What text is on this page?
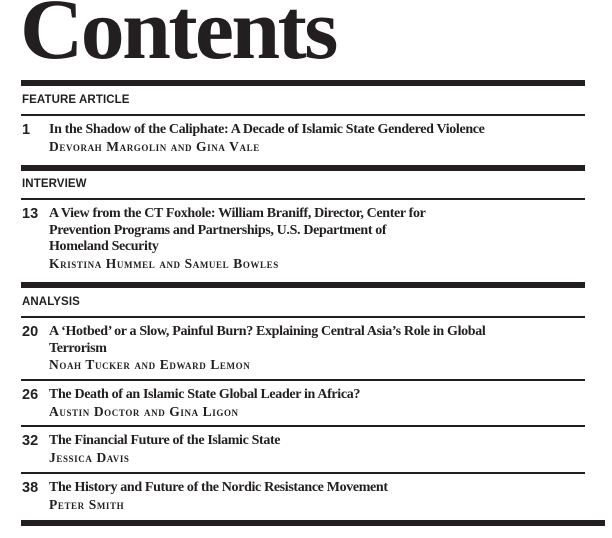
Contents
FEATURE ARTICLE
1 In the Shadow of the Caliphate: A Decade of Islamic State Gendered Violence
Devorah Margolin and Gina Vale
INTERVIEW
13 A View from the CT Foxhole: William Braniff, Director, Center for
Prevention Programs and Partnerships, U.S. Department of
Homeland Security
Kristina Hummel and Samuel Bowles
ANALYSIS
20 A ‘Hotbed’ or a Slow, Painful Burn? Explaining Central Asia’s Role in Global
Terrorism
Noah Tucker and Edward Lemon
26 The Death of an Islamic State Global Leader in Africa?
Austin Doctor and Gina Ligon
32 The Financial Future of the Islamic State
Jessica Davis
38 The History and Future of the Nordic Resistance Movement
Peter Smith
